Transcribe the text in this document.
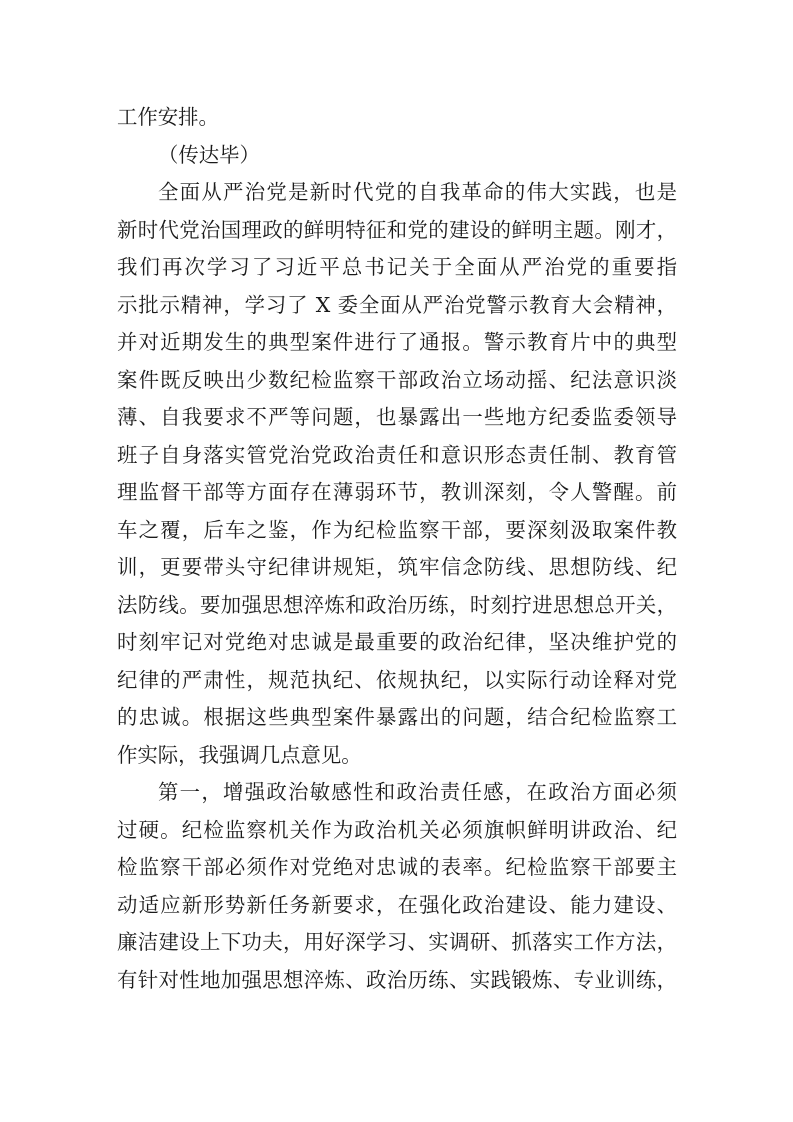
工作安排。
（传达毕）
全面从严治党是新时代党的自我革命的伟大实践，也是
新时代党治国理政的鲜明特征和党的建设的鲜明主题。刚才，
我们再次学习了习近平总书记关于全面从严治党的重要指
示批示精神，学习了 X 委全面从严治党警示教育大会精神，
并对近期发生的典型案件进行了通报。警示教育片中的典型
案件既反映出少数纪检监察干部政治立场动摇、纪法意识淡
薄、自我要求不严等问题，也暴露出一些地方纪委监委领导
班子自身落实管党治党政治责任和意识形态责任制、教育管
理监督干部等方面存在薄弱环节，教训深刻，令人警醒。前
车之覆，后车之鉴，作为纪检监察干部，要深刻汲取案件教
训，更要带头守纪律讲规矩，筑牢信念防线、思想防线、纪
法防线。要加强思想淬炼和政治历练，时刻拧进思想总开关，
时刻牢记对党绝对忠诚是最重要的政治纪律，坚决维护党的
纪律的严肃性，规范执纪、依规执纪，以实际行动诠释对党
的忠诚。根据这些典型案件暴露出的问题，结合纪检监察工
作实际，我强调几点意见。
第一，增强政治敏感性和政治责任感，在政治方面必须
过硬。纪检监察机关作为政治机关必须旗帜鲜明讲政治、纪
检监察干部必须作对党绝对忠诚的表率。纪检监察干部要主
动适应新形势新任务新要求，在强化政治建设、能力建设、
廉洁建设上下功夫，用好深学习、实调研、抓落实工作方法，
有针对性地加强思想淬炼、政治历练、实践锻炼、专业训练，
